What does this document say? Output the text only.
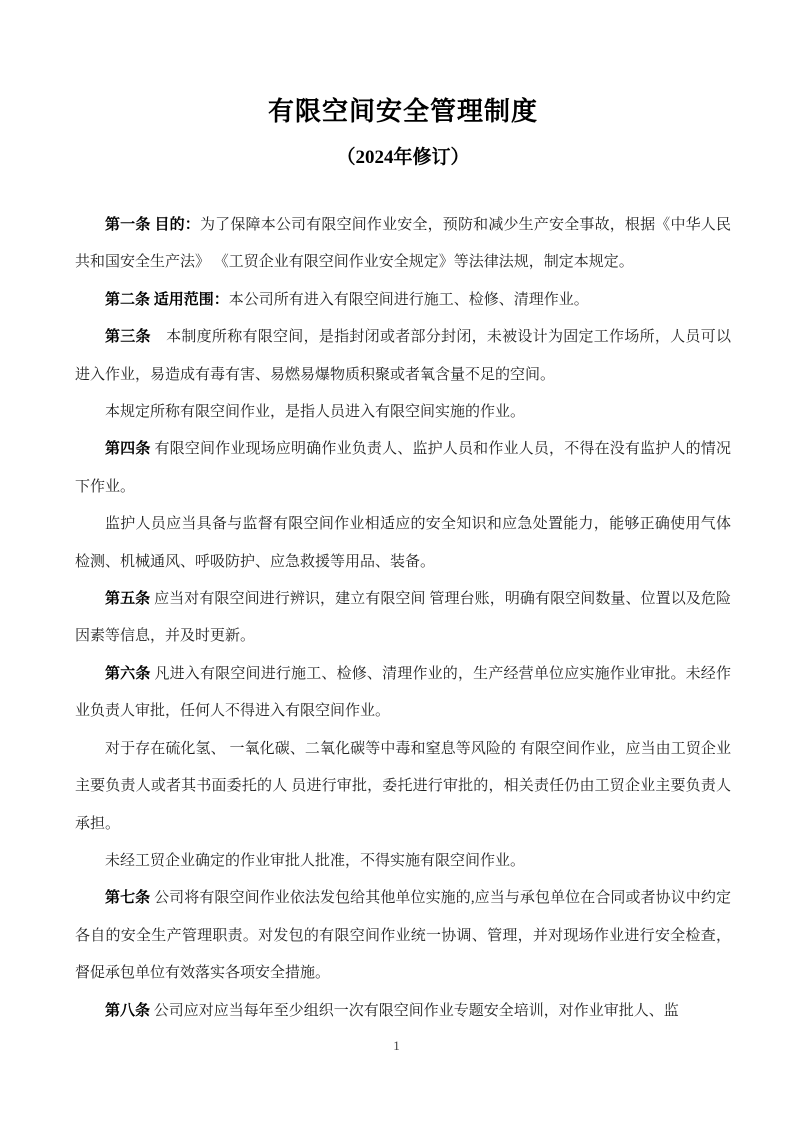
有限空间安全管理制度
（2024年修订）

第一条 目的：为了保障本公司有限空间作业安全，预防和减少生产安全事故，根据《中华人民共和国安全生产法》 《工贸企业有限空间作业安全规定》等法律法规，制定本规定。

第二条 适用范围：本公司所有进入有限空间进行施工、检修、清理作业。

第三条　本制度所称有限空间，是指封闭或者部分封闭，未被设计为固定工作场所，人员可以进入作业，易造成有毒有害、易燃易爆物质积聚或者氧含量不足的空间。

本规定所称有限空间作业，是指人员进入有限空间实施的作业。

第四条 有限空间作业现场应明确作业负责人、监护人员和作业人员，不得在没有监护人的情况下作业。

监护人员应当具备与监督有限空间作业相适应的安全知识和应急处置能力，能够正确使用气体检测、机械通风、呼吸防护、应急救援等用品、装备。

第五条 应当对有限空间进行辨识，建立有限空间 管理台账，明确有限空间数量、位置以及危险因素等信息，并及时更新。

第六条 凡进入有限空间进行施工、检修、清理作业的，生产经营单位应实施作业审批。未经作业负责人审批，任何人不得进入有限空间作业。

对于存在硫化氢、 一氧化碳、二氧化碳等中毒和窒息等风险的 有限空间作业，应当由工贸企业主要负责人或者其书面委托的人 员进行审批，委托进行审批的，相关责任仍由工贸企业主要负责人承担。

未经工贸企业确定的作业审批人批准，不得实施有限空间作业。

第七条 公司将有限空间作业依法发包给其他单位实施的,应当与承包单位在合同或者协议中约定各自的安全生产管理职责。对发包的有限空间作业统一协调、管理，并对现场作业进行安全检查，督促承包单位有效落实各项安全措施。

第八条 公司应对应当每年至少组织一次有限空间作业专题安全培训，对作业审批人、监

1
